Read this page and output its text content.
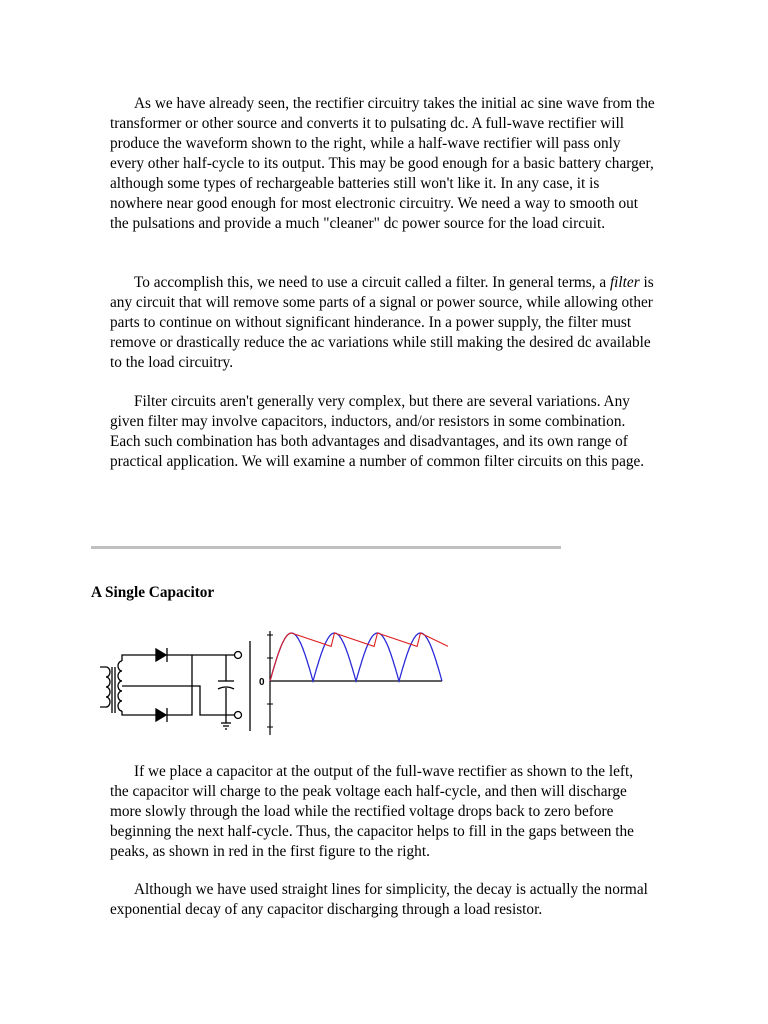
As we have already seen, the rectifier circuitry takes the initial ac sine wave from the transformer or other source and converts it to pulsating dc. A full-wave rectifier will produce the waveform shown to the right, while a half-wave rectifier will pass only every other half-cycle to its output. This may be good enough for a basic battery charger, although some types of rechargeable batteries still won't like it. In any case, it is nowhere near good enough for most electronic circuitry. We need a way to smooth out the pulsations and provide a much "cleaner" dc power source for the load circuit.

To accomplish this, we need to use a circuit called a filter. In general terms, a filter is any circuit that will remove some parts of a signal or power source, while allowing other parts to continue on without significant hinderance. In a power supply, the filter must remove or drastically reduce the ac variations while still making the desired dc available to the load circuitry.

Filter circuits aren't generally very complex, but there are several variations. Any given filter may involve capacitors, inductors, and/or resistors in some combination. Each such combination has both advantages and disadvantages, and its own range of practical application. We will examine a number of common filter circuits on this page.

A Single Capacitor
0

If we place a capacitor at the output of the full-wave rectifier as shown to the left, the capacitor will charge to the peak voltage each half-cycle, and then will discharge more slowly through the load while the rectified voltage drops back to zero before beginning the next half-cycle. Thus, the capacitor helps to fill in the gaps between the peaks, as shown in red in the first figure to the right.

Although we have used straight lines for simplicity, the decay is actually the normal exponential decay of any capacitor discharging through a load resistor.
